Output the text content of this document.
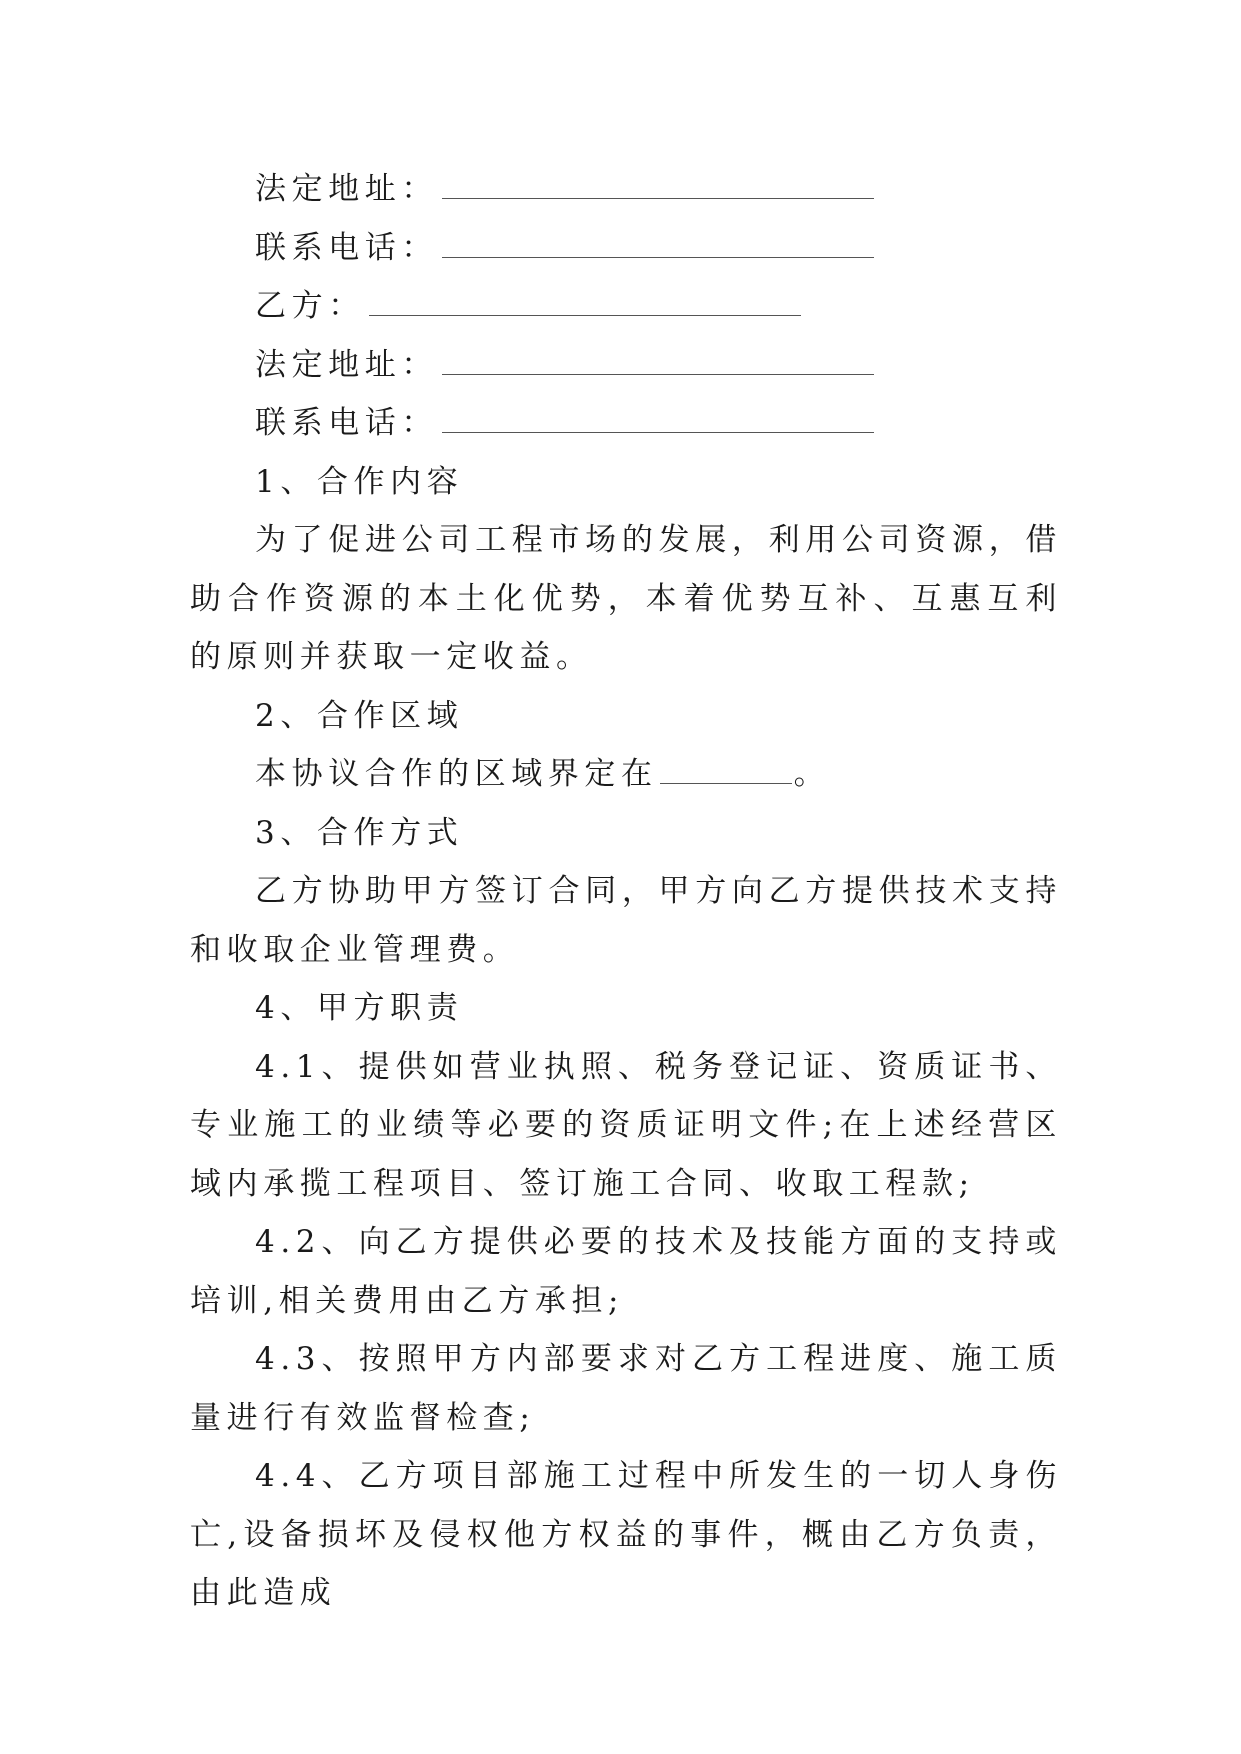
法定地址：
联系电话：
乙方：
法定地址：
联系电话：
1、合作内容

为了促进公司工程市场的发展，利用公司资源，借助合作资源的本土化优势，本着优势互补、互惠互利的原则并获取一定收益。

2、合作区域
本协议合作的区域界定在	。
3、合作方式

乙方协助甲方签订合同，甲方向乙方提供技术支持和收取企业管理费。

4、甲方职责

4.1、提供如营业执照、税务登记证、资质证书、专业施工的业绩等必要的资质证明文件;在上述经营区域内承揽工程项目、签订施工合同、收取工程款;

4.2、向乙方提供必要的技术及技能方面的支持或培训,相关费用由乙方承担;

4.3、按照甲方内部要求对乙方工程进度、施工质量进行有效监督检查;

4.4、乙方项目部施工过程中所发生的一切人身伤亡,设备损坏及侵权他方权益的事件，概由乙方负责，由此造成
